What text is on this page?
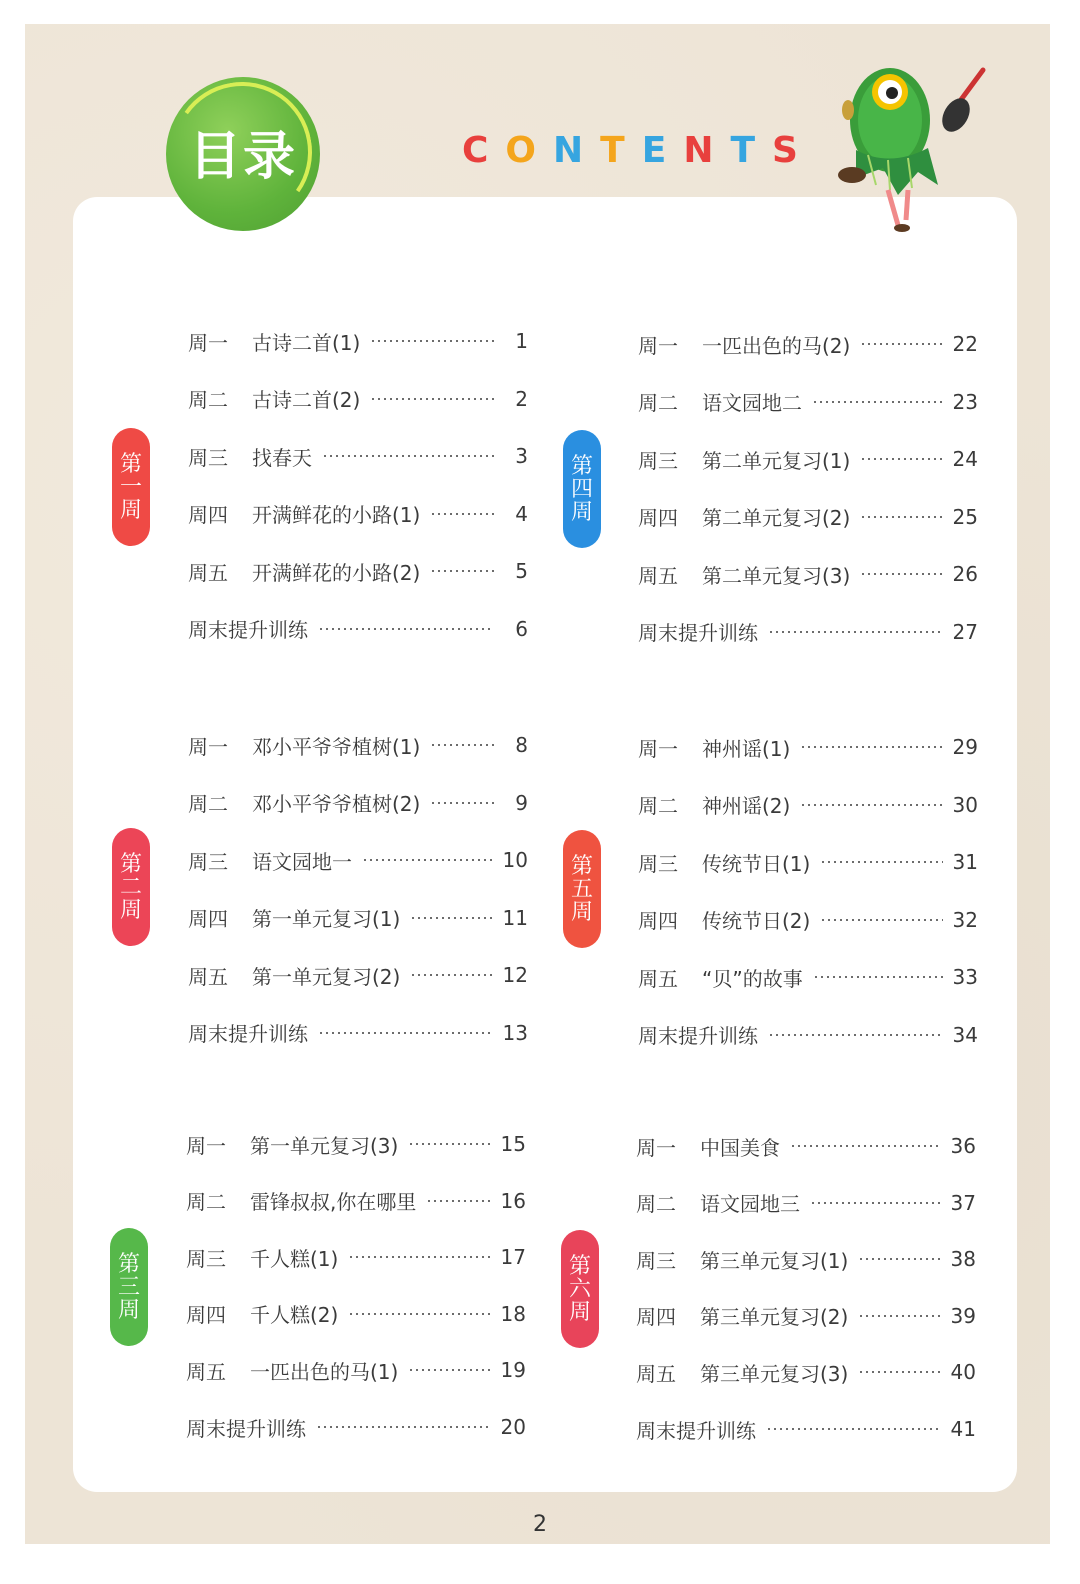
目录	CONTENTS
第
一
周
周一	古诗二首(1)	1
周二	古诗二首(2)	2
周三	找春天	3
周四	开满鲜花的小路(1)	4
周五	开满鲜花的小路(2)	5
周末提升训练	6
第
二
周
周一	邓小平爷爷植树(1)	8
周二	邓小平爷爷植树(2)	9
周三	语文园地一	10
周四	第一单元复习(1)	11
周五	第一单元复习(2)	12
周末提升训练	13
第
三
周
周一	第一单元复习(3)	15
周二	雷锋叔叔,你在哪里	16
周三	千人糕(1)	17
周四	千人糕(2)	18
周五	一匹出色的马(1)	19
周末提升训练	20
第
四
周
周一	一匹出色的马(2)	22
周二	语文园地二	23
周三	第二单元复习(1)	24
周四	第二单元复习(2)	25
周五	第二单元复习(3)	26
周末提升训练	27
第
五
周
周一	神州谣(1)	29
周二	神州谣(2)	30
周三	传统节日(1)	31
周四	传统节日(2)	32
周五	“贝”的故事	33
周末提升训练	34
第
六
周
周一	中国美食	36
周二	语文园地三	37
周三	第三单元复习(1)	38
周四	第三单元复习(2)	39
周五	第三单元复习(3)	40
周末提升训练	41
2
